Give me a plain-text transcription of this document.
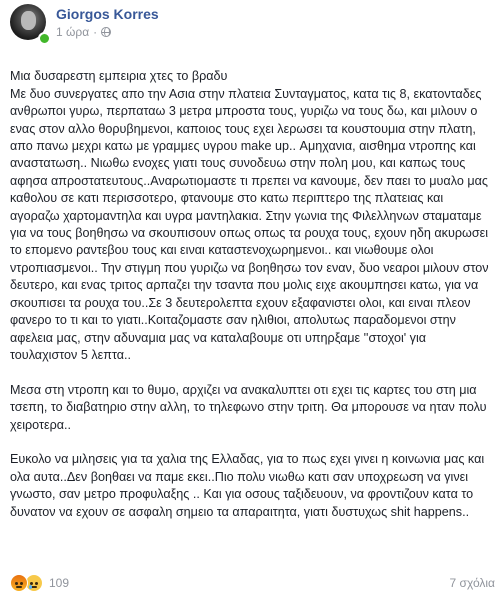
Giorgos Korres
1 ώρα ·

Μια δυσαρεστη εμπειρια χτες το βραδυ
Με δυο συνεργατες απο την Ασια στην πλατεια Συνταγματος, κατα τις 8, εκατονταδες ανθρωποι γυρω, περπαταω 3 μετρα μπροστα τους, γυριζω να τους δω, και μιλουν ο ενας στον αλλο θορυβημενοι, καποιος τους εχει λερωσει τα κουστουμια στην πλατη, απο πανω μεχρι κατω με γραμμες υγρου make up.. Αμηχανια, αισθημα ντροπης και αναστατωση.. Νιωθω ενοχες γιατι τους συνοδευω στην πολη μου, και καπως τους αφησα απροστατευτους..Αναρωτιομαστε τι πρεπει να κανουμε, δεν παει το μυαλο μας καθολου σε κατι περισσοτερο, φτανουμε στο κατω περιπτερο της πλατειας και αγοραζω χαρτομαντηλα και υγρα μαντηλακια. Στην γωνια της Φιλελληνων σταματαμε για να τους βοηθησω να σκουπισουν οπως οπως τα ρουχα τους, εχουν ηδη ακυρωσει το επομενο ραντεβου τους και ειναι καταστενοχωρημενοι.. και νιωθουμε ολοι ντροπιασμενοι.. Την στιγμη που γυριζω να βοηθησω τον εναν, δυο νεαροι μιλουν στον δευτερο, και ενας τριτος αρπαζει την τσαντα που μολις ειχε ακουμπησει κατω, για να σκουπισει τα ρουχα του..Σε 3 δευτερολεπτα εχουν εξαφανιστει ολοι, και ειναι πλεον φανερο το τι και το γιατι..Κοιταζομαστε σαν ηλιθιοι, απολυτως παραδομενοι στην αφελεια μας, στην αδυναμια μας να καταλαβουμε οτι υπηρξαμε ''στοχοι' για τουλαχιστον 5 λεπτα..

Μεσα στη ντροπη και το θυμο, αρχιζει να ανακαλυπτει οτι εχει τις καρτες του στη μια τσεπη, το διαβατηριο στην αλλη, το τηλεφωνο στην τριτη. Θα μπορουσε να ηταν πολυ χειροτερα..

Ευκολο να μιλησεις για τα χαλια της Ελλαδας, για το πως εχει γινει η κοινωνια μας και ολα αυτα..Δεν βοηθαει να παμε εκει..Πιο πολυ νιωθω κατι σαν υποχρεωση να γινει γνωστο, σαν μετρο προφυλαξης .. Και για οσους ταξιδευουν, να φροντιζουν κατα το δυνατον να εχουν σε ασφαλη σημειο τα απαραιτητα, γιατι δυστυχως shit happens..

109	7 σχόλια
